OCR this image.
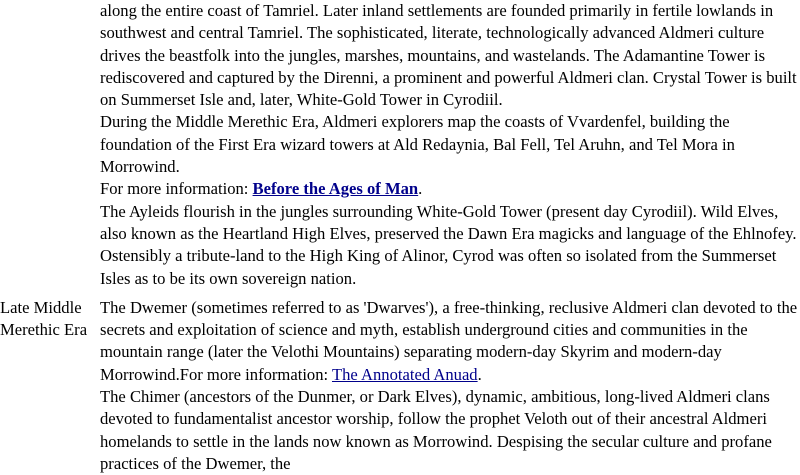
	along the entire coast of Tamriel. Later inland settlements are founded primarily in fertile lowlands in southwest and central Tamriel. The sophisticated, literate, technologically advanced Aldmeri culture drives the beastfolk into the jungles, marshes, mountains, and wastelands. The Adamantine Tower is rediscovered and captured by the Direnni, a prominent and powerful Aldmeri clan. Crystal Tower is built on Summerset Isle and, later, White-Gold Tower in Cyrodiil.

During the Middle Merethic Era, Aldmeri explorers map the coasts of Vvardenfel, building the foundation of the First Era wizard towers at Ald Redaynia, Bal Fell, Tel Aruhn, and Tel Mora in Morrowind.

For more information: Before the Ages of Man.

The Ayleids flourish in the jungles surrounding White-Gold Tower (present day Cyrodiil). Wild Elves, also known as the Heartland High Elves, preserved the Dawn Era magicks and language of the Ehlnofey. Ostensibly a tribute-land to the High King of Alinor, Cyrod was often so isolated from the Summerset Isles as to be its own sovereign nation.

Late Middle Merethic Era	The Dwemer (sometimes referred to as 'Dwarves'), a free-thinking, reclusive Aldmeri clan devoted to the secrets and exploitation of science and myth, establish underground cities and communities in the mountain range (later the Velothi Mountains) separating modern-day Skyrim and modern-day Morrowind.For more information: The Annotated Anuad.

The Chimer (ancestors of the Dunmer, or Dark Elves), dynamic, ambitious, long-lived Aldmeri clans devoted to fundamentalist ancestor worship, follow the prophet Veloth out of their ancestral Aldmeri homelands to settle in the lands now known as Morrowind. Despising the secular culture and profane practices of the Dwemer, the
